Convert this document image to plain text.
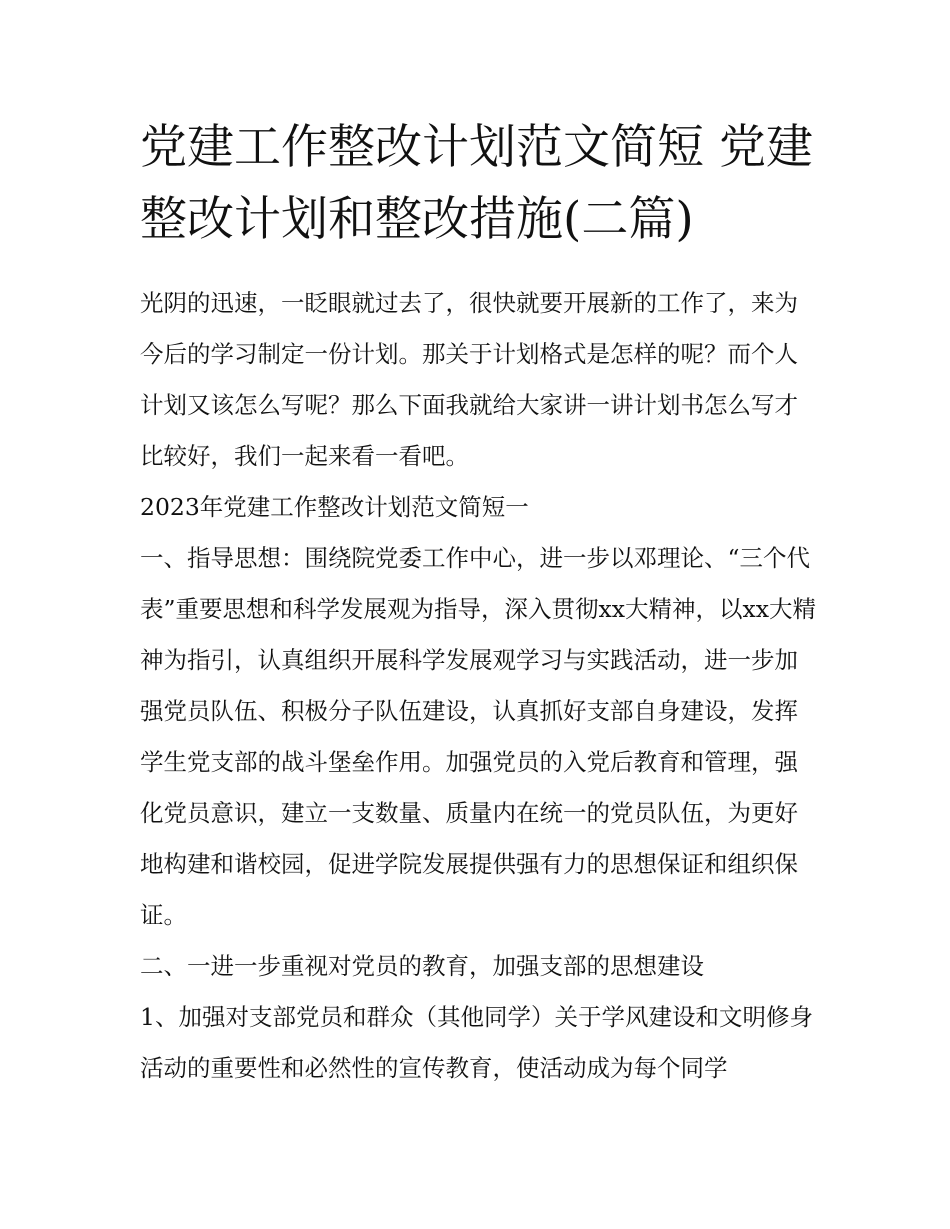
党建工作整改计划范文简短 党建整改计划和整改措施(二篇)

光阴的迅速，一眨眼就过去了，很快就要开展新的工作了，来为今后的学习制定一份计划。那关于计划格式是怎样的呢？而个人计划又该怎么写呢？那么下面我就给大家讲一讲计划书怎么写才比较好，我们一起来看一看吧。

2023年党建工作整改计划范文简短一

一、指导思想：围绕院党委工作中心，进一步以邓理论、“三个代表”重要思想和科学发展观为指导，深入贯彻xx大精神，以xx大精神为指引，认真组织开展科学发展观学习与实践活动，进一步加强党员队伍、积极分子队伍建设，认真抓好支部自身建设，发挥学生党支部的战斗堡垒作用。加强党员的入党后教育和管理，强化党员意识，建立一支数量、质量内在统一的党员队伍，为更好地构建和谐校园，促进学院发展提供强有力的思想保证和组织保证。

二、一进一步重视对党员的教育，加强支部的思想建设

1、加强对支部党员和群众（其他同学）关于学风建设和文明修身活动的重要性和必然性的宣传教育，使活动成为每个同学
